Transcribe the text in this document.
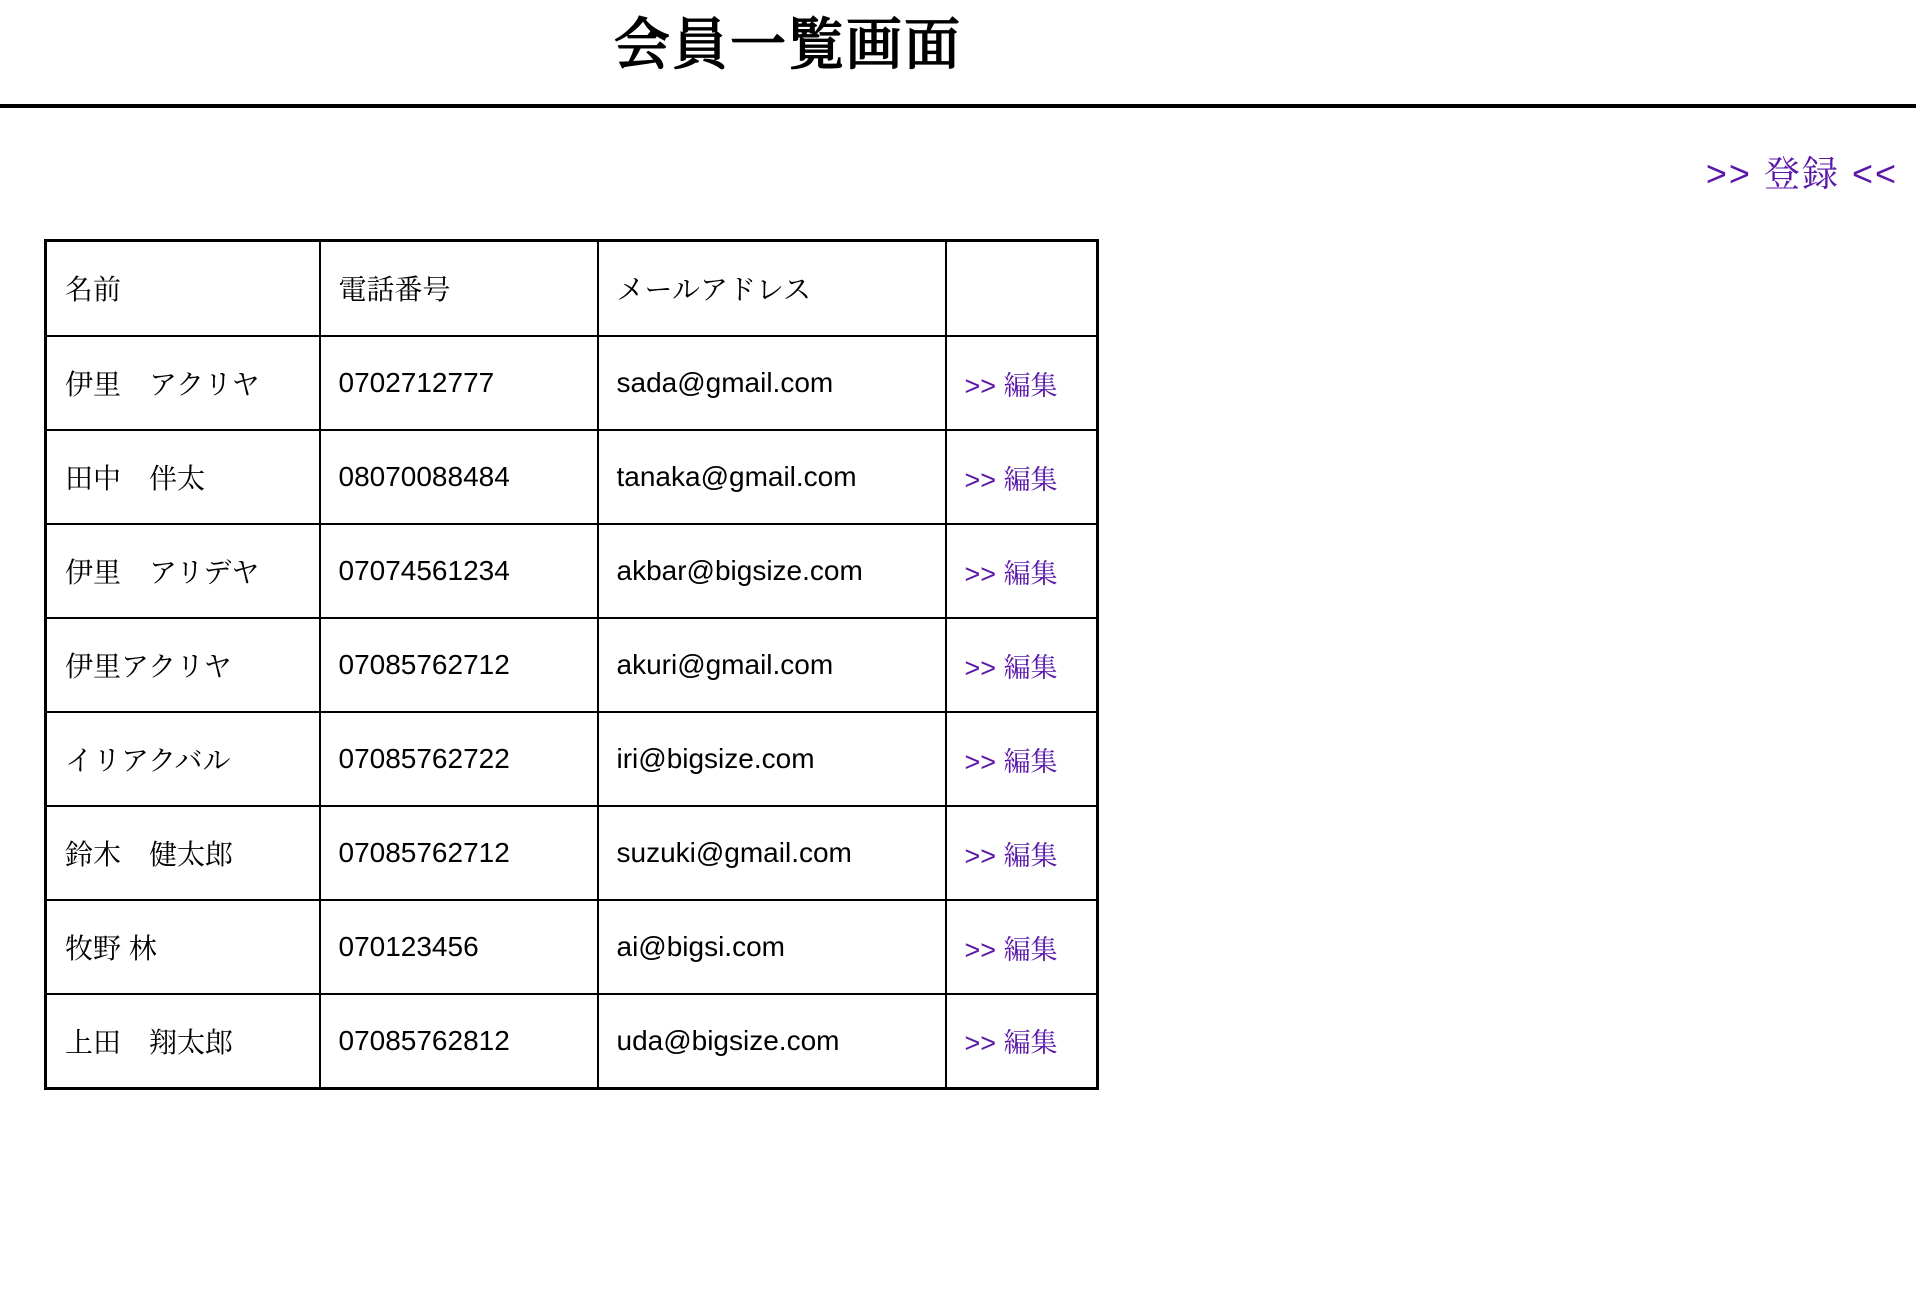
会員一覧画面
>> 登録 <<
名前	電話番号	メールアドレス	
伊里　アクリヤ	0702712777	sada@gmail.com	>> 編集
田中　伴太	08070088484	tanaka@gmail.com	>> 編集
伊里　アリデヤ	07074561234	akbar@bigsize.com	>> 編集
伊里アクリヤ	07085762712	akuri@gmail.com	>> 編集
イリアクバル	07085762722	iri@bigsize.com	>> 編集
鈴木　健太郎	07085762712	suzuki@gmail.com	>> 編集
牧野 林	070123456	ai@bigsi.com	>> 編集
上田　翔太郎	07085762812	uda@bigsize.com	>> 編集
